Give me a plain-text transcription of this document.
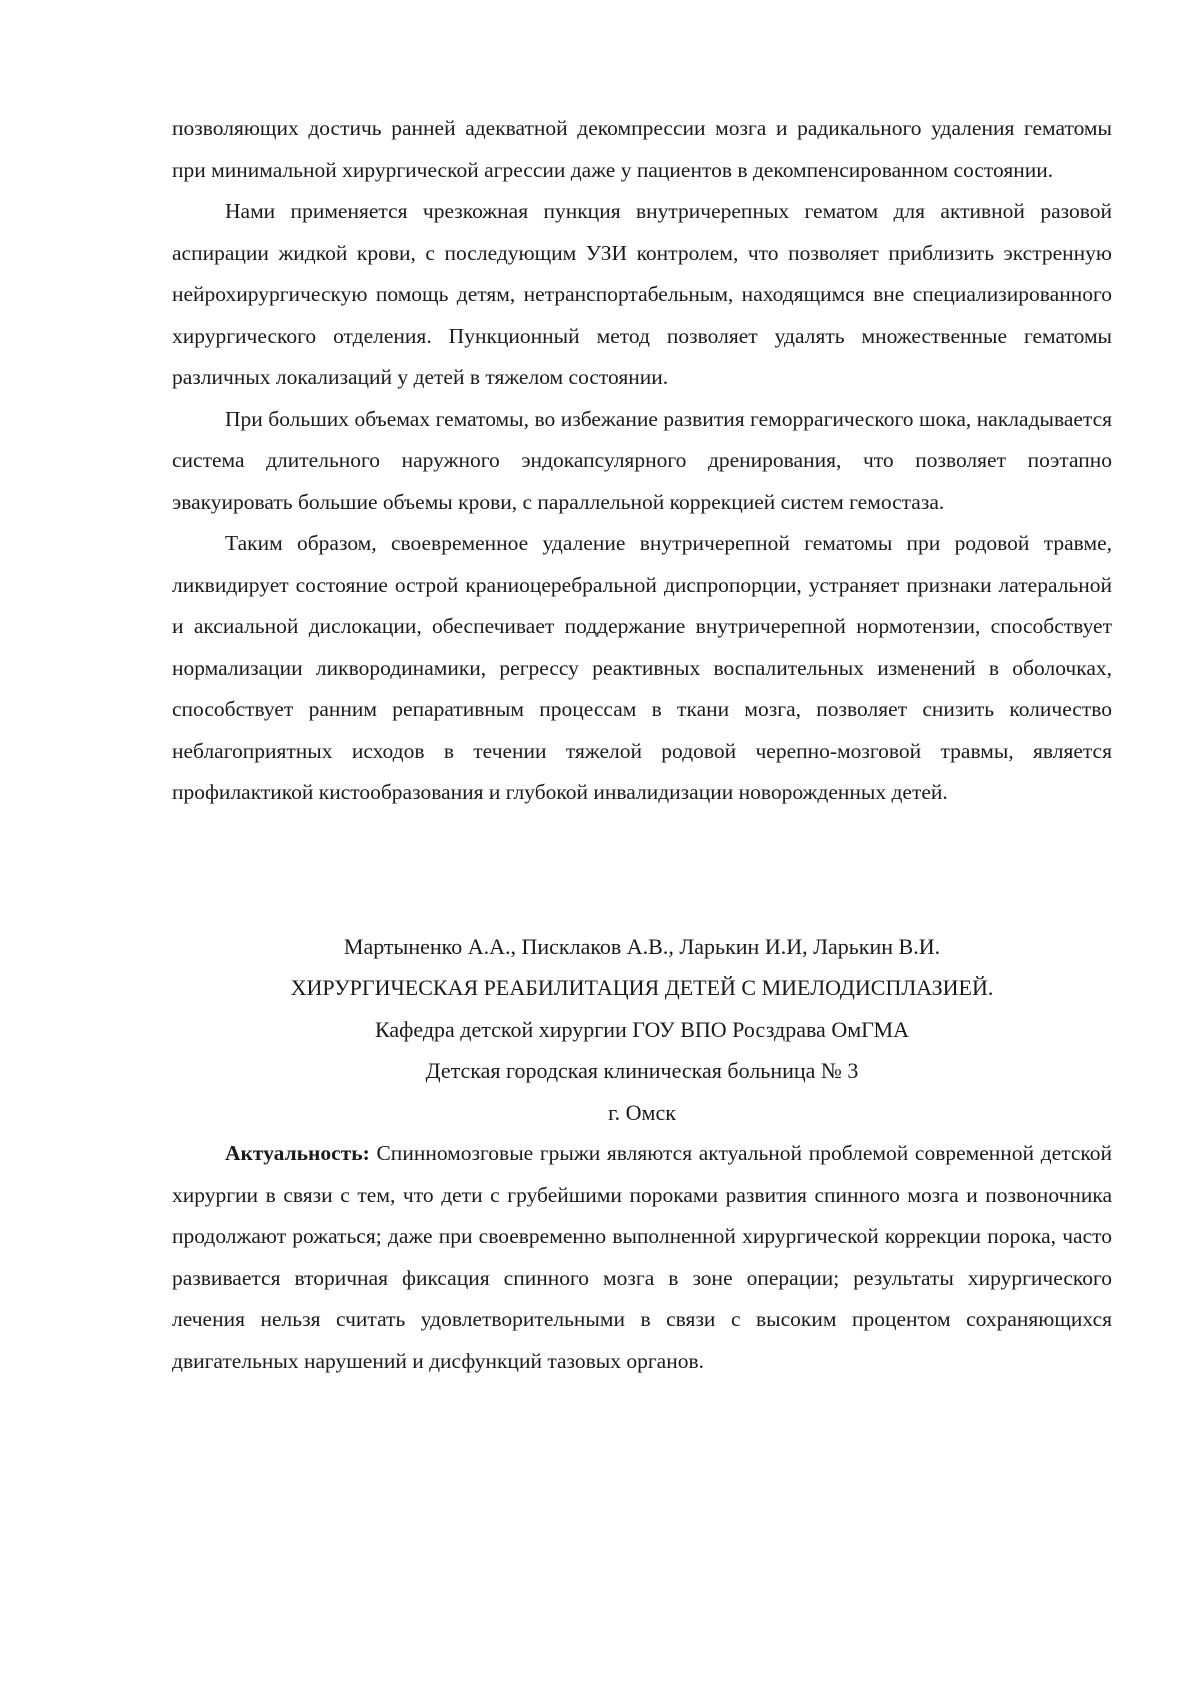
позволяющих достичь ранней адекватной декомпрессии мозга и радикального удаления гематомы при минимальной хирургической агрессии даже у пациентов в декомпенсированном состоянии.

Нами применяется чрезкожная пункция внутричерепных гематом для активной разовой аспирации жидкой крови, с последующим УЗИ контролем, что позволяет приблизить экстренную нейрохирургическую помощь детям, нетранспортабельным, находящимся вне специализированного хирургического отделения. Пункционный метод позволяет удалять множественные гематомы различных локализаций у детей в тяжелом состоянии.

При больших объемах гематомы, во избежание развития геморрагического шока, накладывается система длительного наружного эндокапсулярного дренирования, что позволяет поэтапно эвакуировать большие объемы крови, с параллельной коррекцией систем гемостаза.

Таким образом, своевременное удаление внутричерепной гематомы при родовой травме, ликвидирует состояние острой краниоцеребральной диспропорции, устраняет признаки латеральной и аксиальной дислокации, обеспечивает поддержание внутричерепной нормотензии, способствует нормализации ликвородинамики, регрессу реактивных воспалительных изменений в оболочках, способствует ранним репаративным процессам в ткани мозга, позволяет снизить количество неблагоприятных исходов в течении тяжелой родовой черепно-мозговой травмы, является профилактикой кистообразования и глубокой инвалидизации новорожденных детей.

Мартыненко А.А., Писклаков А.В., Ларькин И.И, Ларькин В.И.

ХИРУРГИЧЕСКАЯ РЕАБИЛИТАЦИЯ ДЕТЕЙ С МИЕЛОДИСПЛАЗИЕЙ.

Кафедра детской хирургии ГОУ ВПО Росздрава ОмГМА

Детская городская клиническая больница № 3

г. Омск

Актуальность: Спинномозговые грыжи являются актуальной проблемой современной детской хирургии в связи с тем, что дети с грубейшими пороками развития спинного мозга и позвоночника продолжают рожаться; даже при своевременно выполненной хирургической коррекции порока, часто развивается вторичная фиксация спинного мозга в зоне операции; результаты хирургического лечения нельзя считать удовлетворительными в связи с высоким процентом сохраняющихся двигательных нарушений и дисфункций тазовых органов.
